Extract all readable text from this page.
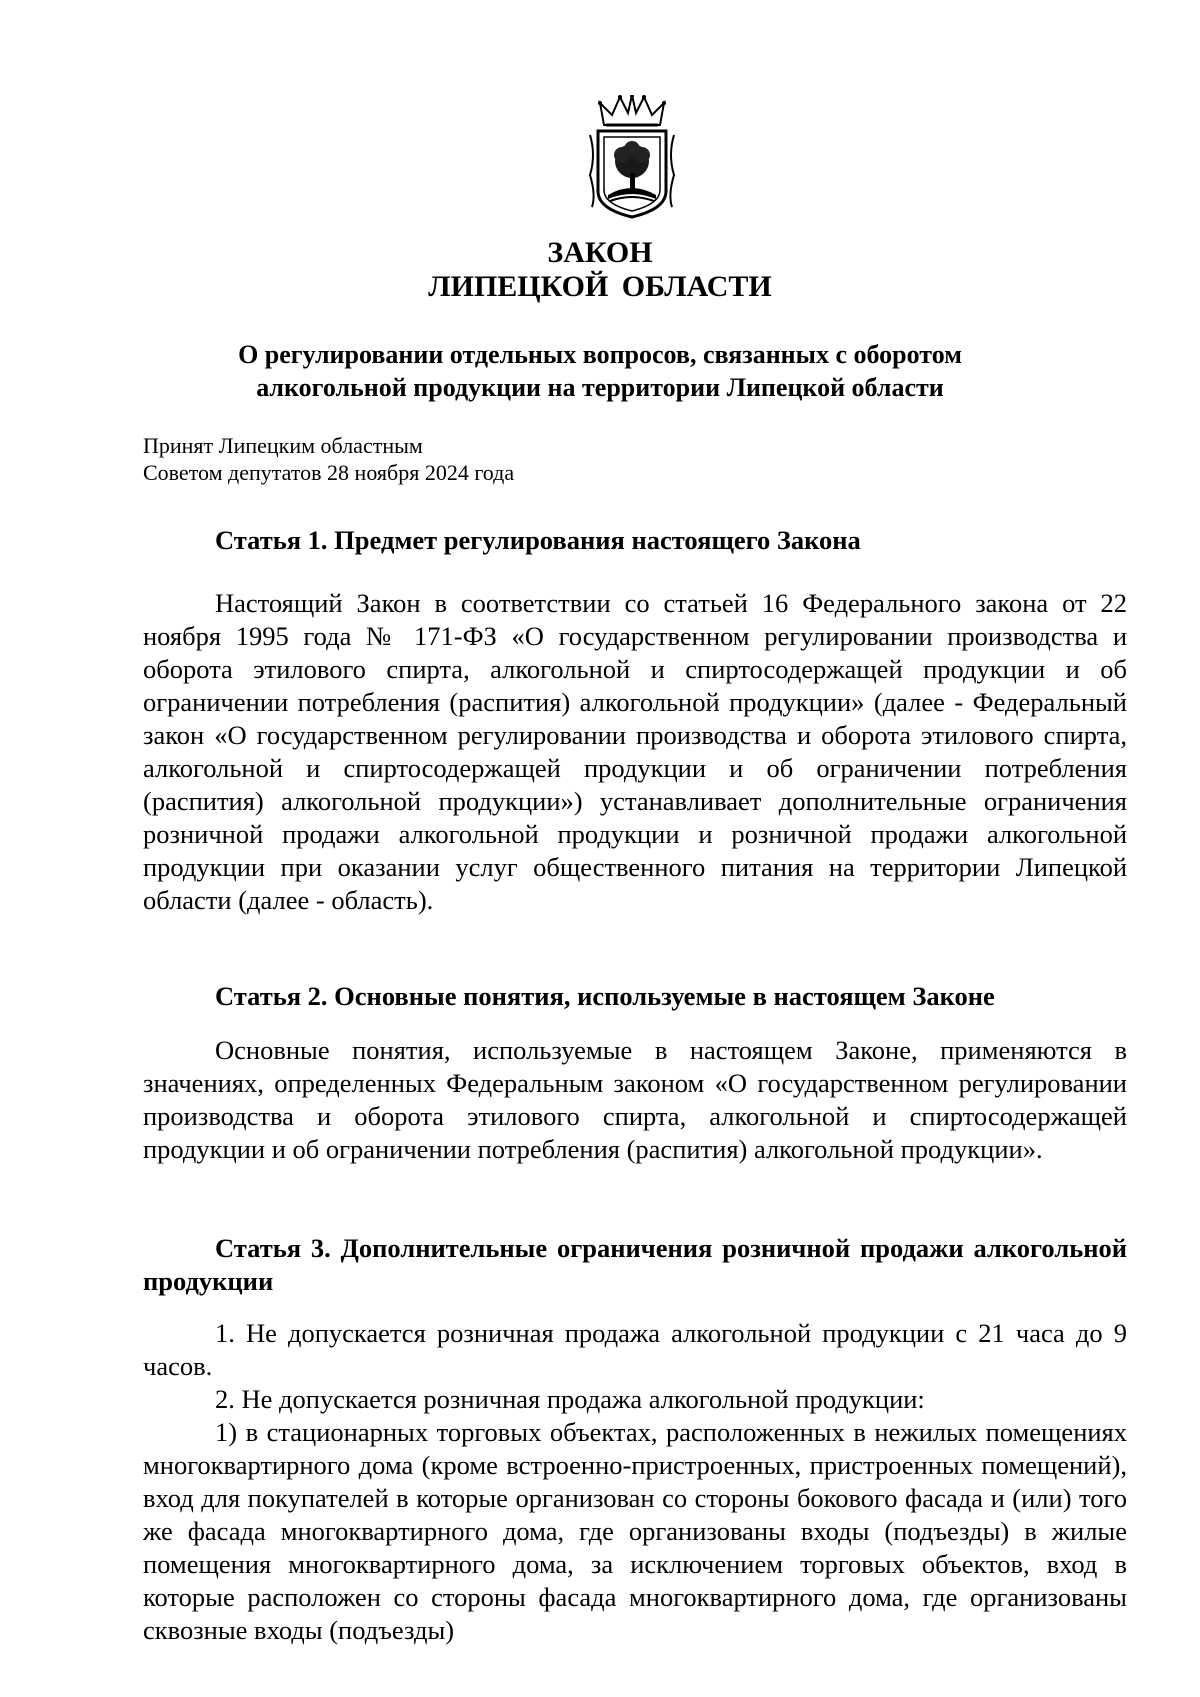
ЗАКОН
ЛИПЕЦКОЙ ОБЛАСТИ
О регулировании отдельных вопросов, связанных с оборотом
алкогольной продукции на территории Липецкой области
Принят Липецким областным
Советом депутатов 28 ноября 2024 года
Статья 1. Предмет регулирования настоящего Закона

Настоящий Закон в соответствии со статьей 16 Федерального закона от 22 ноября 1995 года № 171-ФЗ «О государственном регулировании производства и оборота этилового спирта, алкогольной и спиртосодержащей продукции и об ограничении потребления (распития) алкогольной продукции» (далее - Федеральный закон «О государственном регулировании производства и оборота этилового спирта, алкогольной и спиртосодержащей продукции и об ограничении потребления (распития) алкогольной продукции») устанавливает дополнительные ограничения розничной продажи алкогольной продукции и розничной продажи алкогольной продукции при оказании услуг общественного питания на территории Липецкой области (далее - область).

Статья 2. Основные понятия, используемые в настоящем Законе

Основные понятия, используемые в настоящем Законе, применяются в значениях, определенных Федеральным законом «О государственном регулировании производства и оборота этилового спирта, алкогольной и спиртосодержащей продукции и об ограничении потребления (распития) алкогольной продукции».

Статья 3. Дополнительные ограничения розничной продажи алкогольной продукции

1. Не допускается розничная продажа алкогольной продукции с 21 часа до 9 часов.

2. Не допускается розничная продажа алкогольной продукции:

1) в стационарных торговых объектах, расположенных в нежилых помещениях многоквартирного дома (кроме встроенно-пристроенных, пристроенных помещений), вход для покупателей в которые организован со стороны бокового фасада и (или) того же фасада многоквартирного дома, где организованы входы (подъезды) в жилые помещения многоквартирного дома, за исключением торговых объектов, вход в которые расположен со стороны фасада многоквартирного дома, где организованы сквозные входы (подъезды)
